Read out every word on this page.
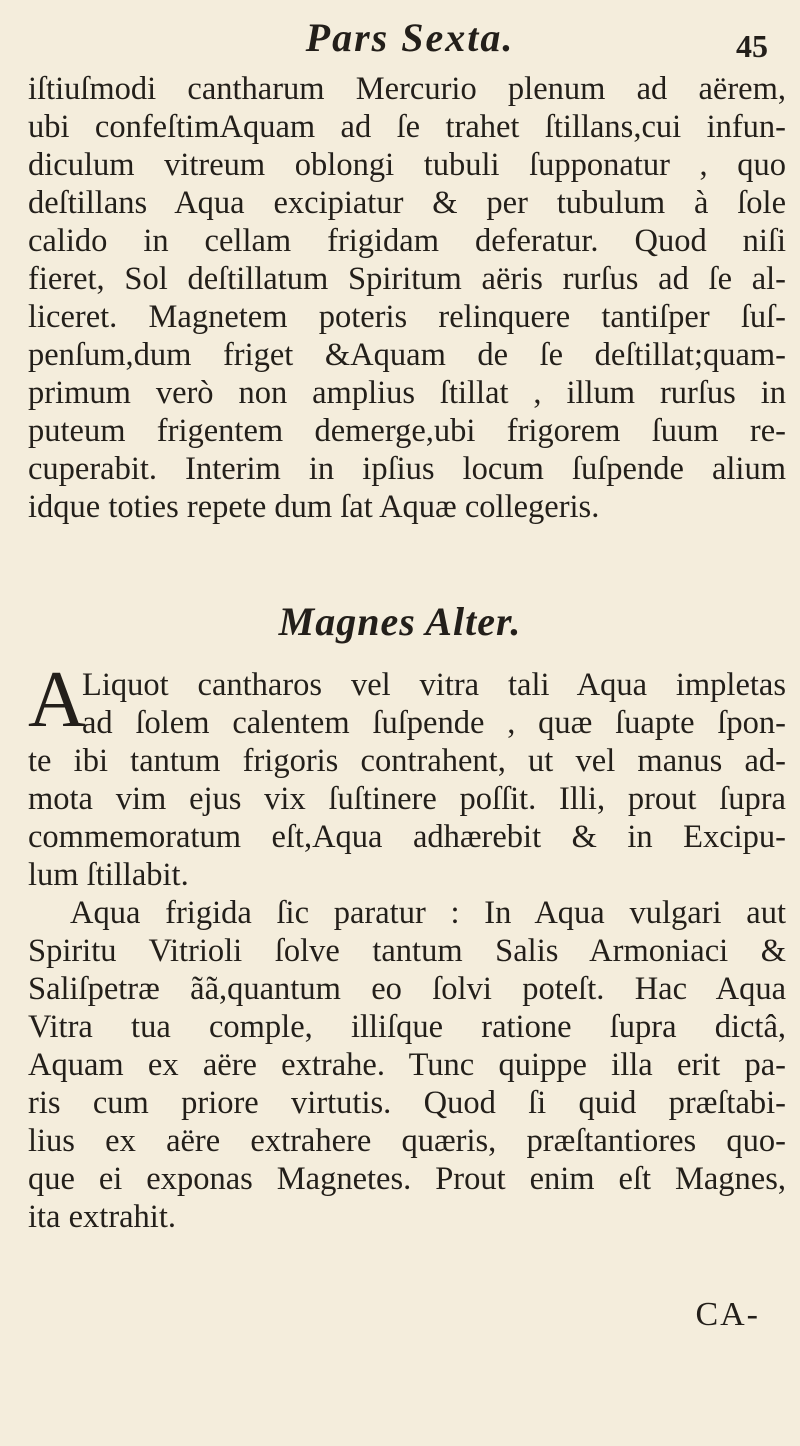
Pars Sexta.	45
iſtiuſmodi cantharum Mercurio plenum ad aërem,
ubi confeſtimAquam ad ſe trahet ſtillans,cui infun-
diculum vitreum oblongi tubuli ſupponatur , quo
deſtillans Aqua excipiatur & per tubulum à ſole
calido in cellam frigidam deferatur. Quod niſi
fieret, Sol deſtillatum Spiritum aëris rurſus ad ſe al-
liceret. Magnetem poteris relinquere tantiſper ſuſ-
penſum,dum friget &Aquam de ſe deſtillat;quam-
primum verò non amplius ſtillat , illum rurſus in
puteum frigentem demerge,ubi frigorem ſuum re-
cuperabit. Interim in ipſius locum ſuſpende alium
idque toties repete dum ſat Aquæ collegeris.
Magnes Alter.
A
Liquot cantharos vel vitra tali Aqua impletas
ad ſolem calentem ſuſpende , quæ ſuapte ſpon-
te ibi tantum frigoris contrahent, ut vel manus ad-
mota vim ejus vix ſuſtinere poſſit. Illi, prout ſupra
commemoratum eſt,Aqua adhærebit & in Excipu-
lum ſtillabit.
Aqua frigida ſic paratur : In Aqua vulgari aut
Spiritu Vitrioli ſolve tantum Salis Armoniaci &
Saliſpetræ ãã,quantum eo ſolvi poteſt. Hac Aqua
Vitra tua comple, illiſque ratione ſupra dictâ,
Aquam ex aëre extrahe. Tunc quippe illa erit pa-
ris cum priore virtutis. Quod ſi quid præſtabi-
lius ex aëre extrahere quæris, præſtantiores quo-
que ei exponas Magnetes. Prout enim eſt Magnes,
ita extrahit.
CA-
